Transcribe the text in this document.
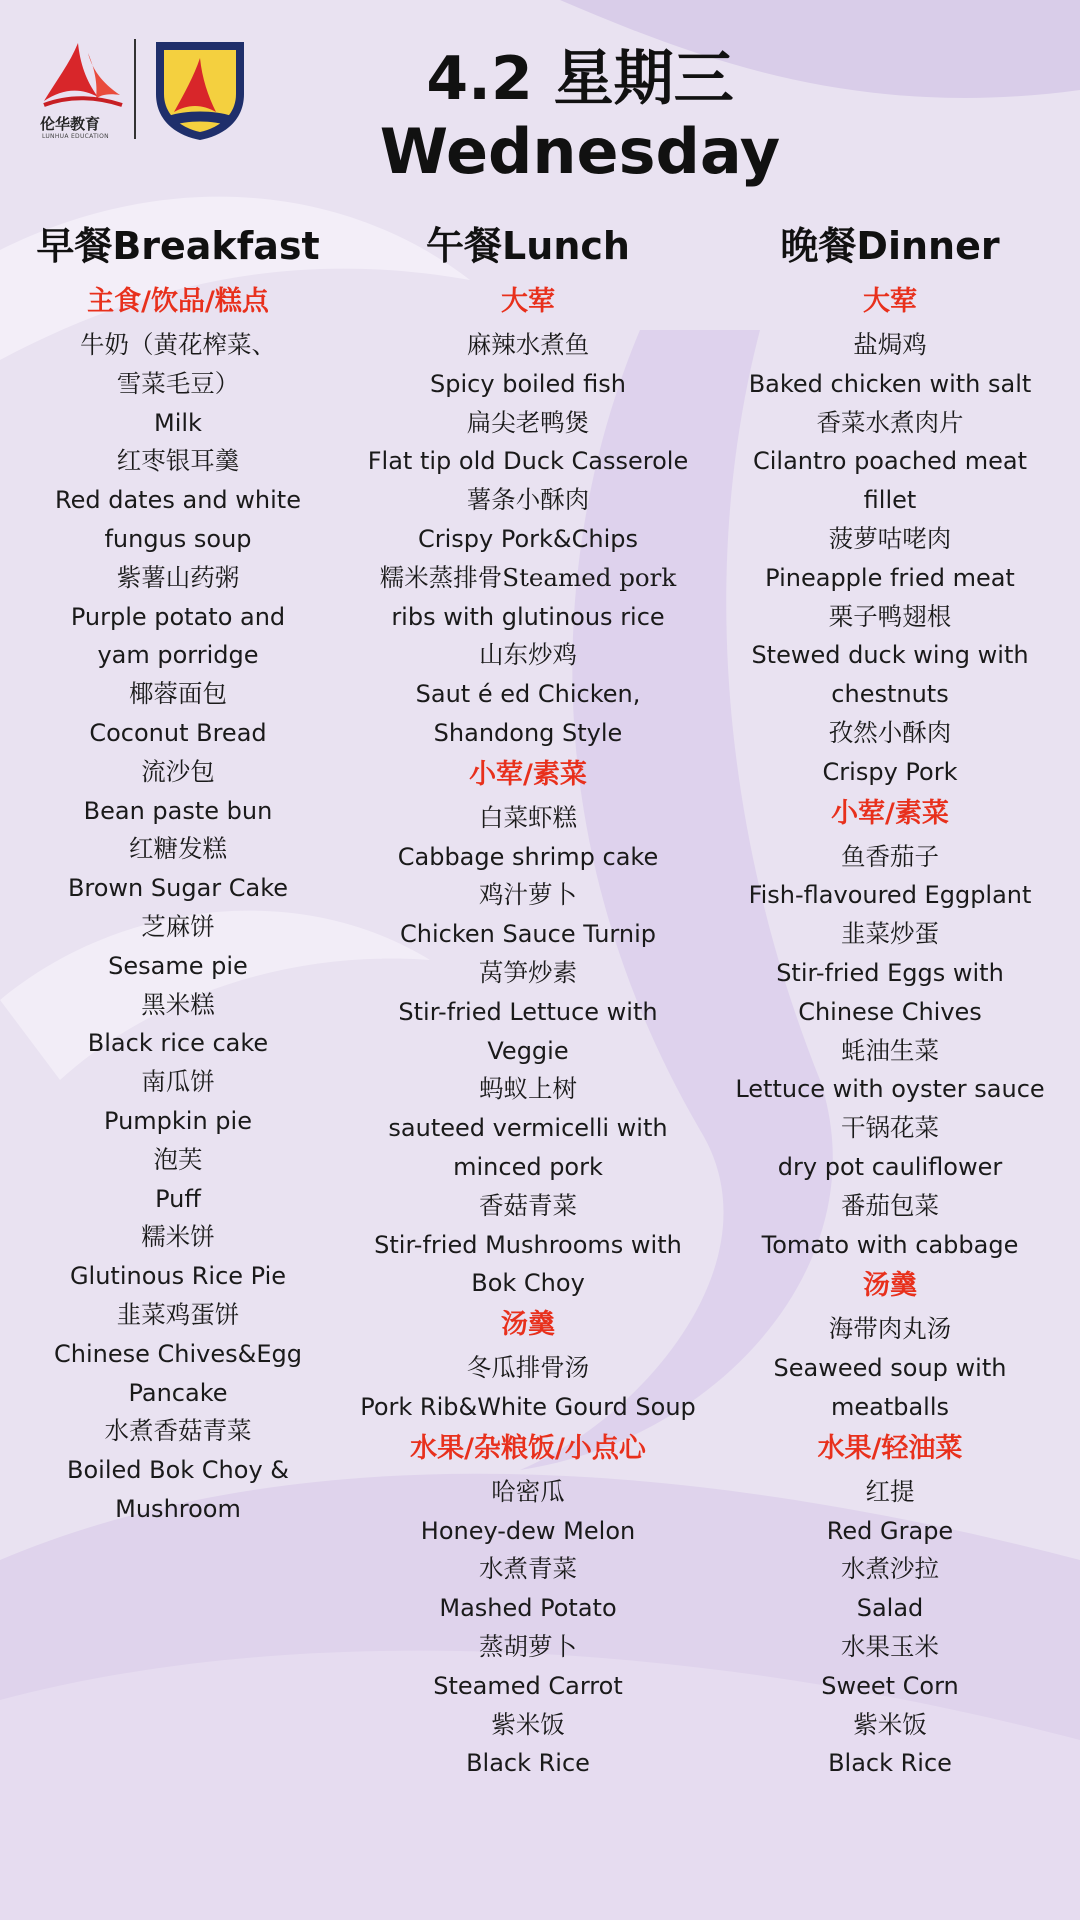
伦华教育
LUNHUA EDUCATION
4.2 星期三
Wednesday
早餐Breakfast
主食/饮品/糕点
牛奶（黄花榨菜、
雪菜毛豆）
Milk
红枣银耳羹
Red dates and white
fungus soup
紫薯山药粥
Purple potato and
yam porridge
椰蓉面包
Coconut Bread
流沙包
Bean paste bun
红糖发糕
Brown Sugar Cake
芝麻饼
Sesame pie
黑米糕
Black rice cake
南瓜饼
Pumpkin pie
泡芙
Puff
糯米饼
Glutinous Rice Pie
韭菜鸡蛋饼
Chinese Chives&Egg
Pancake
水煮香菇青菜
Boiled Bok Choy &
Mushroom
午餐Lunch
大荤
麻辣水煮鱼
Spicy boiled fish
扁尖老鸭煲
Flat tip old Duck Casserole
薯条小酥肉
Crispy Pork&Chips
糯米蒸排骨Steamed pork
ribs with glutinous rice
山东炒鸡
Saut é ed Chicken,
Shandong Style
小荤/素菜
白菜虾糕
Cabbage shrimp cake
鸡汁萝卜
Chicken Sauce Turnip
莴笋炒素
Stir-fried Lettuce with
Veggie
蚂蚁上树
sauteed vermicelli with
minced pork
香菇青菜
Stir-fried Mushrooms with
Bok Choy
汤羹
冬瓜排骨汤
Pork Rib&White Gourd Soup
水果/杂粮饭/小点心
哈密瓜
Honey-dew Melon
水煮青菜
Mashed Potato
蒸胡萝卜
Steamed Carrot
紫米饭
Black Rice
晚餐Dinner
大荤
盐焗鸡
Baked chicken with salt
香菜水煮肉片
Cilantro poached meat
fillet
菠萝咕咾肉
Pineapple fried meat
栗子鸭翅根
Stewed duck wing with
chestnuts
孜然小酥肉
Crispy Pork
小荤/素菜
鱼香茄子
Fish-flavoured Eggplant
韭菜炒蛋
Stir-fried Eggs with
Chinese Chives
蚝油生菜
Lettuce with oyster sauce
干锅花菜
dry pot cauliflower
番茄包菜
Tomato with cabbage
汤羹
海带肉丸汤
Seaweed soup with
meatballs
水果/轻油菜
红提
Red Grape
水煮沙拉
Salad
水果玉米
Sweet Corn
紫米饭
Black Rice
